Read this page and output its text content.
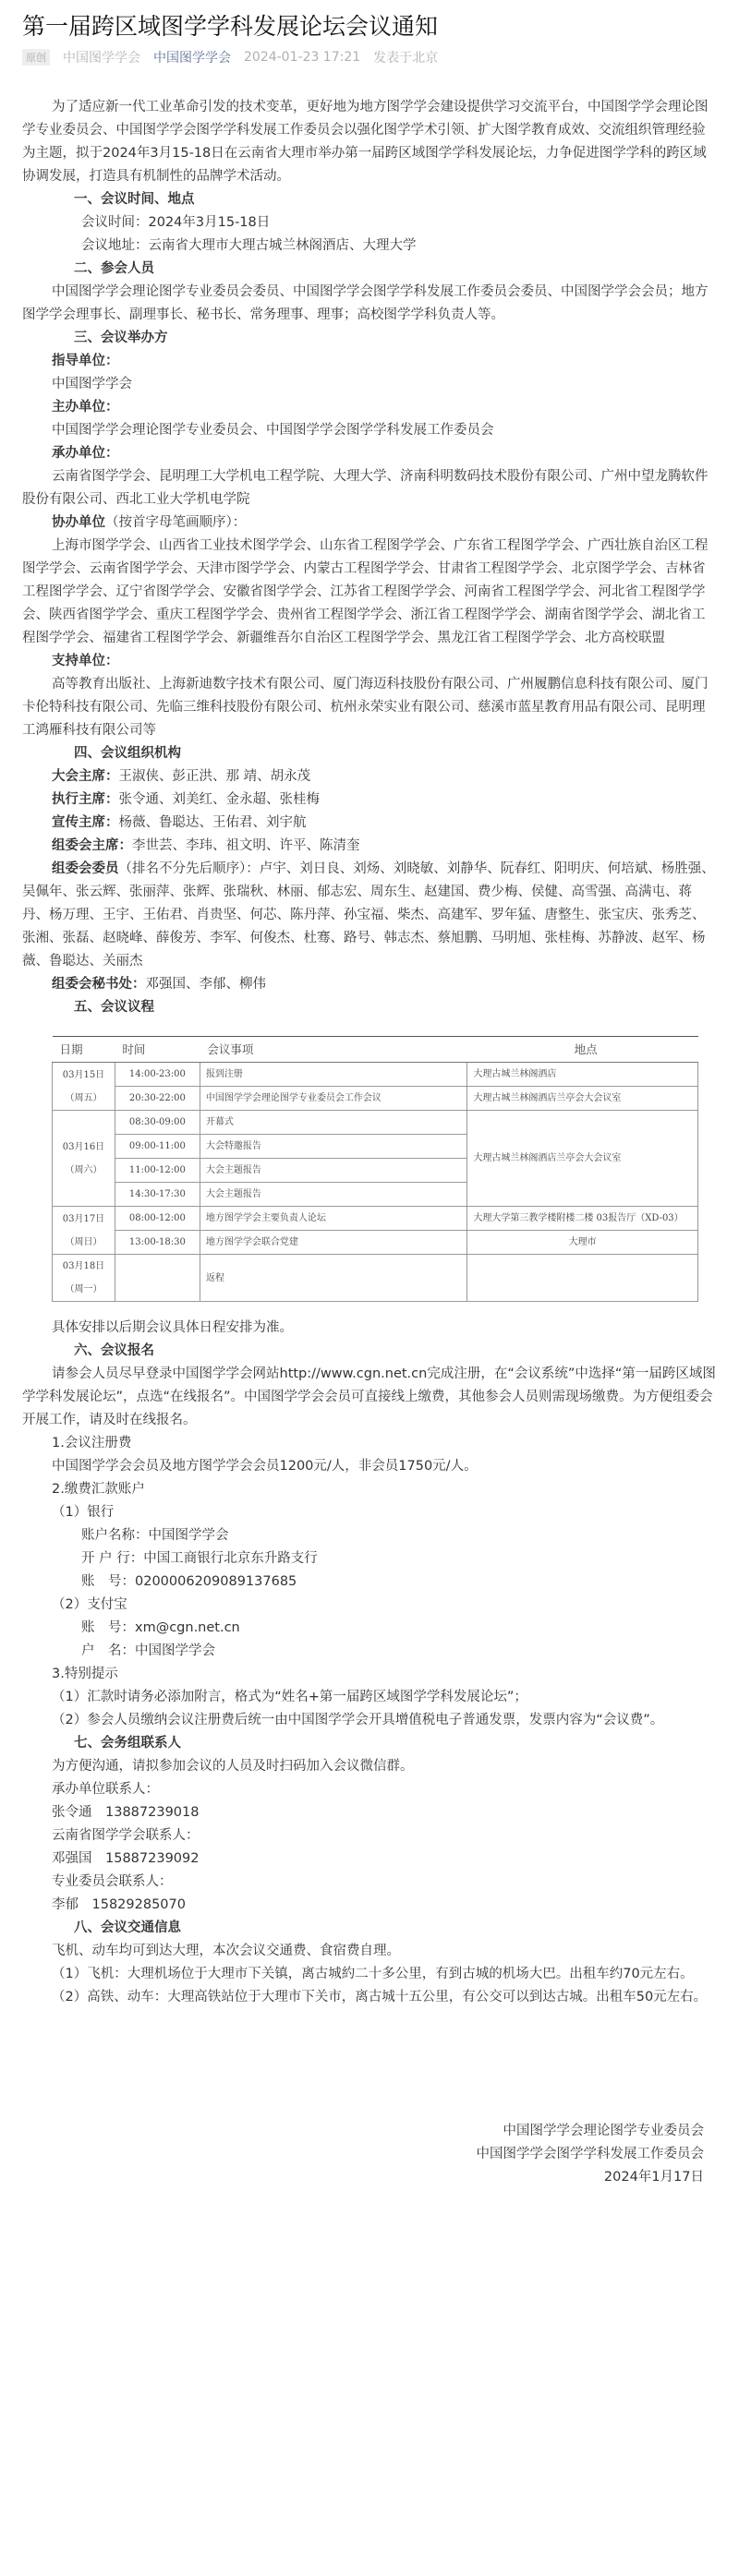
第一届跨区域图学学科发展论坛会议通知
原创 中国图学学会 中国图学学会 2024-01-23 17:21 发表于北京

为了适应新一代工业革命引发的技术变革，更好地为地方图学学会建设提供学习交流平台，中国图学学会理论图学专业委员会、中国图学学会图学学科发展工作委员会以强化图学学术引领、扩大图学教育成效、交流组织管理经验为主题，拟于2024年3月15-18日在云南省大理市举办第一届跨区域图学学科发展论坛，力争促进图学学科的跨区域协调发展，打造具有机制性的品牌学术活动。

一、会议时间、地点

会议时间：2024年3月15-18日

会议地址：云南省大理市大理古城兰林阁酒店、大理大学

二、参会人员

中国图学学会理论图学专业委员会委员、中国图学学会图学学科发展工作委员会委员、中国图学学会会员；地方图学学会理事长、副理事长、秘书长、常务理事、理事；高校图学学科负责人等。

三、会议举办方

指导单位：

中国图学学会

主办单位：

中国图学学会理论图学专业委员会、中国图学学会图学学科发展工作委员会

承办单位：

云南省图学学会、昆明理工大学机电工程学院、大理大学、济南科明数码技术股份有限公司、广州中望龙腾软件股份有限公司、西北工业大学机电学院

协办单位（按首字母笔画顺序）：

上海市图学学会、山西省工业技术图学学会、山东省工程图学学会、广东省工程图学学会、广西壮族自治区工程图学学会、云南省图学学会、天津市图学学会、内蒙古工程图学学会、甘肃省工程图学学会、北京图学学会、吉林省工程图学学会、辽宁省图学学会、安徽省图学学会、江苏省工程图学学会、河南省工程图学学会、河北省工程图学学会、陕西省图学学会、重庆工程图学学会、贵州省工程图学学会、浙江省工程图学学会、湖南省图学学会、湖北省工程图学学会、福建省工程图学学会、新疆维吾尔自治区工程图学学会、黑龙江省工程图学学会、北方高校联盟

支持单位：

高等教育出版社、上海新迪数字技术有限公司、厦门海迈科技股份有限公司、广州履鹏信息科技有限公司、厦门卡伦特科技有限公司、先临三维科技股份有限公司、杭州永荣实业有限公司、慈溪市蓝星教育用品有限公司、昆明理工鸿雁科技有限公司等

四、会议组织机构

大会主席：王淑侠、彭正洪、那 靖、胡永茂

执行主席：张令通、刘美红、金永超、张桂梅

宣传主席：杨薇、鲁聪达、王佑君、刘宇航

组委会主席：李世芸、李玮、祖文明、许平、陈清奎

组委会委员（排名不分先后顺序）：卢宇、刘日良、刘炀、刘晓敏、刘静华、阮春红、阳明庆、何培斌、杨胜强、吴佩年、张云辉、张丽萍、张辉、张瑞秋、林丽、郁志宏、周东生、赵建国、费少梅、侯健、高雪强、高满屯、蒋丹、杨万理、王宇、王佑君、肖贵坚、何芯、陈丹萍、孙宝福、柴杰、高建军、罗年猛、唐整生、张宝庆、张秀芝、张湘、张磊、赵晓峰、薛俊芳、李军、何俊杰、杜骞、路号、韩志杰、蔡旭鹏、马明旭、张桂梅、苏静波、赵军、杨薇、鲁聪达、关丽杰

组委会秘书处：邓强国、李郁、柳伟

五、会议议程

日期	时间	会议事项	地点
03月15日
（周五）	14:00-23:00	报到注册	大理古城兰林阁酒店
	20:30-22:00	中国图学学会理论图学专业委员会工作会议	大理古城兰林阁酒店兰亭会大会议室
03月16日
（周六）	08:30-09:00	开幕式	大理古城兰林阁酒店兰亭会大会议室
	09:00-11:00	大会特邀报告	
	11:00-12:00	大会主题报告	
	14:30-17:30	大会主题报告	
03月17日
（周日）	08:00-12:00	地方图学学会主要负责人论坛	大理大学第三教学楼附楼二楼 03报告厅（XD-03）
	13:00-18:30	地方图学学会联合党建	大理市
03月18日
（周一）		返程	

具体安排以后期会议具体日程安排为准。

六、会议报名

请参会人员尽早登录中国图学学会网站http://www.cgn.net.cn完成注册，在“会议系统”中选择“第一届跨区域图学学科发展论坛”，点选“在线报名”。中国图学学会会员可直接线上缴费，其他参会人员则需现场缴费。为方便组委会开展工作，请及时在线报名。

1.会议注册费

中国图学学会会员及地方图学学会会员1200元/人，非会员1750元/人。

2.缴费汇款账户

（1）银行

账户名称：中国图学学会

开 户 行：中国工商银行北京东升路支行

账　号：0200006209089137685

（2）支付宝

账　号：xm@cgn.net.cn

户　名：中国图学学会

3.特别提示

（1）汇款时请务必添加附言，格式为“姓名+第一届跨区域图学学科发展论坛”；

（2）参会人员缴纳会议注册费后统一由中国图学学会开具增值税电子普通发票，发票内容为“会议费”。

七、会务组联系人

为方便沟通，请拟参加会议的人员及时扫码加入会议微信群。

承办单位联系人：

张令通　13887239018

云南省图学学会联系人：

邓强国　15887239092

专业委员会联系人：

李郁　15829285070

八、会议交通信息

飞机、动车均可到达大理，本次会议交通费、食宿费自理。

（1）飞机：大理机场位于大理市下关镇，离古城約二十多公里，有到古城的机场大巴。出租车约70元左右。

（2）高铁、动车：大理高铁站位于大理市下关市，离古城十五公里，有公交可以到达古城。出租车50元左右。

中国图学学会理论图学专业委员会
中国图学学会图学学科发展工作委员会
2024年1月17日
